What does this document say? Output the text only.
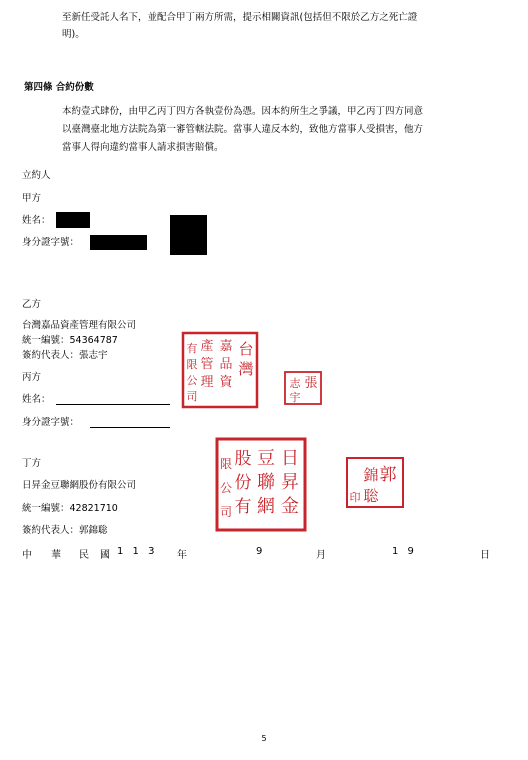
至新任受託人名下，並配合甲丁兩方所需，提示相關資訊(包括但不限於乙方之死亡證
明)。
第四條 合約份數
本約壹式肆份，由甲乙丙丁四方各執壹份為憑。因本約所生之爭議，甲乙丙丁四方同意
以臺灣臺北地方法院為第一審管轄法院。當事人違反本約，致他方當事人受損害，他方
當事人得向違約當事人請求損害賠償。
立約人
甲方
姓名：
身分證字號：
乙方
台灣嘉品資產管理有限公司
統一編號：54364787
簽約代表人：張志宇	台
灣
嘉
品
資
產
管
理
有
限
公
司
張
志
宇
丙方
姓名：
身分證字號：
丁方
日昇金豆聯網股份有限公司
統一編號：42821710
簽約代表人：郭錦聡
日
昇
金
豆
聯
網
股
份
有
限
公
司
郭
錦
聡
印
中 華 民 國 1 1 3 年	9	月	1 9	日
5
